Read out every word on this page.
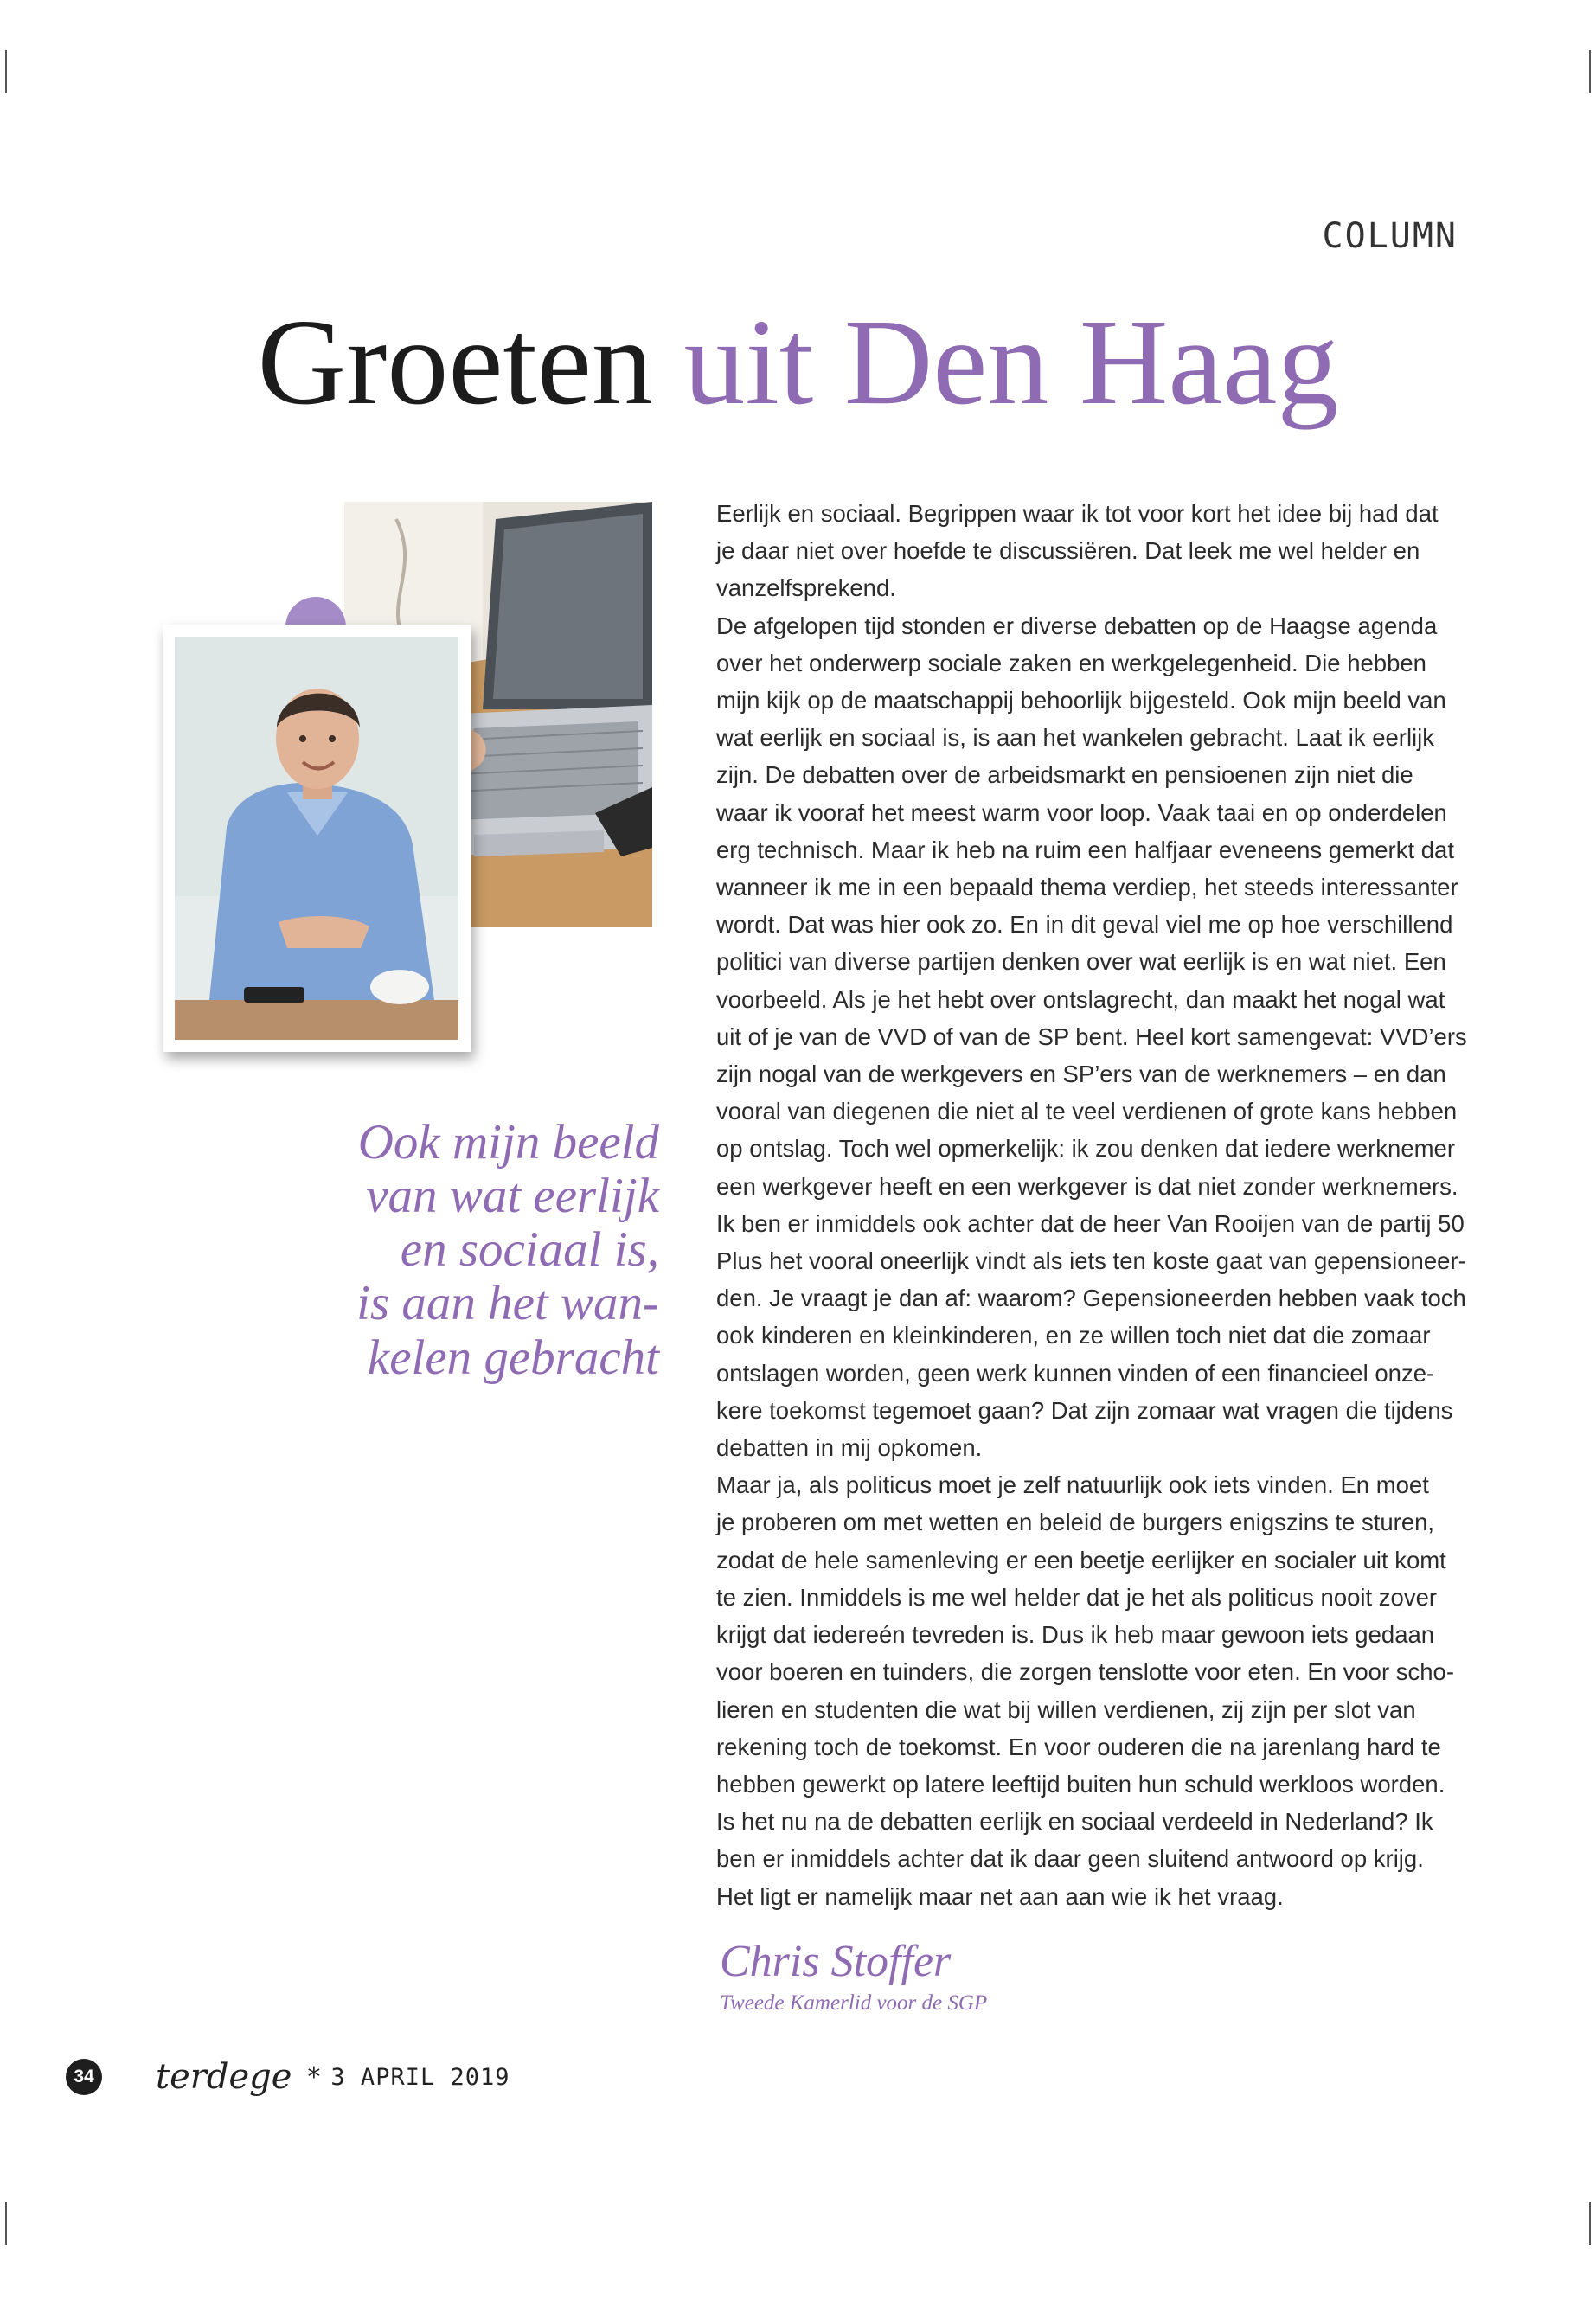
COLUMN
Groeten uit Den Haag
Ook mijn beeld
van wat eerlijk
en sociaal is,
is aan het wan-
kelen gebracht
Eerlijk en sociaal. Begrippen waar ik tot voor kort het idee bij had dat
je daar niet over hoefde te discussiëren. Dat leek me wel helder en
vanzelfsprekend.
De afgelopen tijd stonden er diverse debatten op de Haagse agenda
over het onderwerp sociale zaken en werkgelegenheid. Die hebben
mijn kijk op de maatschappij behoorlijk bijgesteld. Ook mijn beeld van
wat eerlijk en sociaal is, is aan het wankelen gebracht. Laat ik eerlijk
zijn. De debatten over de arbeidsmarkt en pensioenen zijn niet die
waar ik vooraf het meest warm voor loop. Vaak taai en op onderdelen
erg technisch. Maar ik heb na ruim een halfjaar eveneens gemerkt dat
wanneer ik me in een bepaald thema verdiep, het steeds interessanter
wordt. Dat was hier ook zo. En in dit geval viel me op hoe verschillend
politici van diverse partijen denken over wat eerlijk is en wat niet. Een
voorbeeld. Als je het hebt over ontslagrecht, dan maakt het nogal wat
uit of je van de VVD of van de SP bent. Heel kort samengevat: VVD’ers
zijn nogal van de werkgevers en SP’ers van de werknemers – en dan
vooral van diegenen die niet al te veel verdienen of grote kans hebben
op ontslag. Toch wel opmerkelijk: ik zou denken dat iedere werknemer
een werkgever heeft en een werkgever is dat niet zonder werknemers.
Ik ben er inmiddels ook achter dat de heer Van Rooijen van de partij 50
Plus het vooral oneerlijk vindt als iets ten koste gaat van gepensioneer-
den. Je vraagt je dan af: waarom? Gepensioneerden hebben vaak toch
ook kinderen en kleinkinderen, en ze willen toch niet dat die zomaar
ontslagen worden, geen werk kunnen vinden of een financieel onze-
kere toekomst tegemoet gaan? Dat zijn zomaar wat vragen die tijdens
debatten in mij opkomen.
Maar ja, als politicus moet je zelf natuurlijk ook iets vinden. En moet
je proberen om met wetten en beleid de burgers enigszins te sturen,
zodat de hele samenleving er een beetje eerlijker en socialer uit komt
te zien. Inmiddels is me wel helder dat je het als politicus nooit zover
krijgt dat iedereén tevreden is. Dus ik heb maar gewoon iets gedaan
voor boeren en tuinders, die zorgen tenslotte voor eten. En voor scho-
lieren en studenten die wat bij willen verdienen, zij zijn per slot van
rekening toch de toekomst. En voor ouderen die na jarenlang hard te
hebben gewerkt op latere leeftijd buiten hun schuld werkloos worden.
Is het nu na de debatten eerlijk en sociaal verdeeld in Nederland? Ik
ben er inmiddels achter dat ik daar geen sluitend antwoord op krijg.
Het ligt er namelijk maar net aan aan wie ik het vraag.
Chris Stoffer
Tweede Kamerlid voor de SGP
34 terdege * 3 APRIL 2019
